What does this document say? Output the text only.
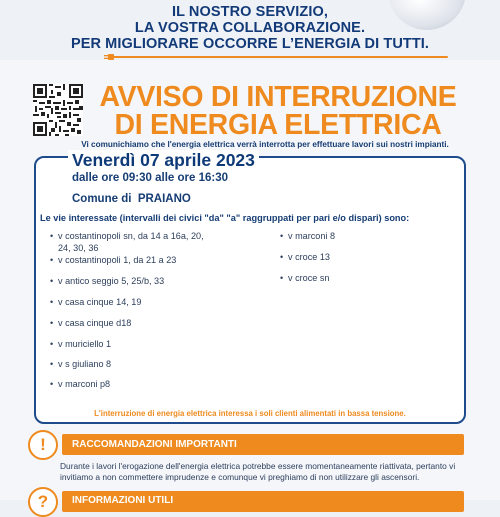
IL NOSTRO SERVIZIO,
LA VOSTRA COLLABORAZIONE.
PER MIGLIORARE OCCORRE L’ENERGIA DI TUTTI.
AVVISO DI INTERRUZIONE
DI ENERGIA ELETTRICA
Vi comunichiamo che l'energia elettrica verrà interrotta per effettuare lavori sui nostri impianti.
Venerdì 07 aprile 2023
dalle ore 09:30 alle ore 16:30
Comune di PRAIANO
Le vie interessate (intervalli dei civici "da" "a" raggruppati per pari e/o dispari) sono:
• v costantinopoli sn, da 14 a 16a, 20,
24, 30, 36
• v costantinopoli 1, da 21 a 23
• v antico seggio 5, 25/b, 33
• v casa cinque 14, 19
• v casa cinque d18
• v muriciello 1
• v s giuliano 8
• v marconi p8
• v marconi 8
• v croce 13
• v croce sn
L'interruzione di energia elettrica interessa i soli clienti alimentati in bassa tensione.
!	RACCOMANDAZIONI IMPORTANTI
Durante i lavori l'erogazione dell'energia elettrica potrebbe essere momentaneamente riattivata, pertanto vi invitiamo a non commettere imprudenze e comunque vi preghiamo di non utilizzare gli ascensori.
?	INFORMAZIONI UTILI
